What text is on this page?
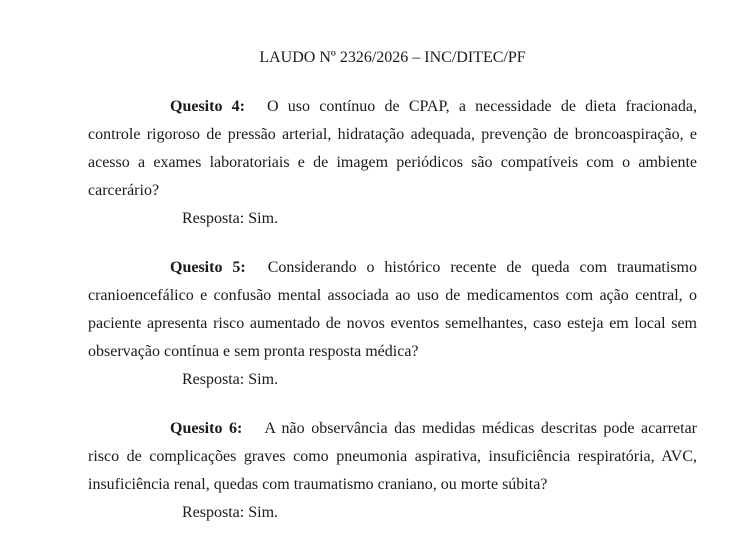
LAUDO Nº 2326/2026 – INC/DITEC/PF

Quesito 4: O uso contínuo de CPAP, a necessidade de dieta fracionada, controle rigoroso de pressão arterial, hidratação adequada, prevenção de broncoaspiração, e acesso a exames laboratoriais e de imagem periódicos são compatíveis com o ambiente carcerário?

Resposta: Sim.

Quesito 5: Considerando o histórico recente de queda com traumatismo cranioencefálico e confusão mental associada ao uso de medicamentos com ação central, o paciente apresenta risco aumentado de novos eventos semelhantes, caso esteja em local sem observação contínua e sem pronta resposta médica?

Resposta: Sim.

Quesito 6: A não observância das medidas médicas descritas pode acarretar risco de complicações graves como pneumonia aspirativa, insuficiência respiratória, AVC, insuficiência renal, quedas com traumatismo craniano, ou morte súbita?

Resposta: Sim.
